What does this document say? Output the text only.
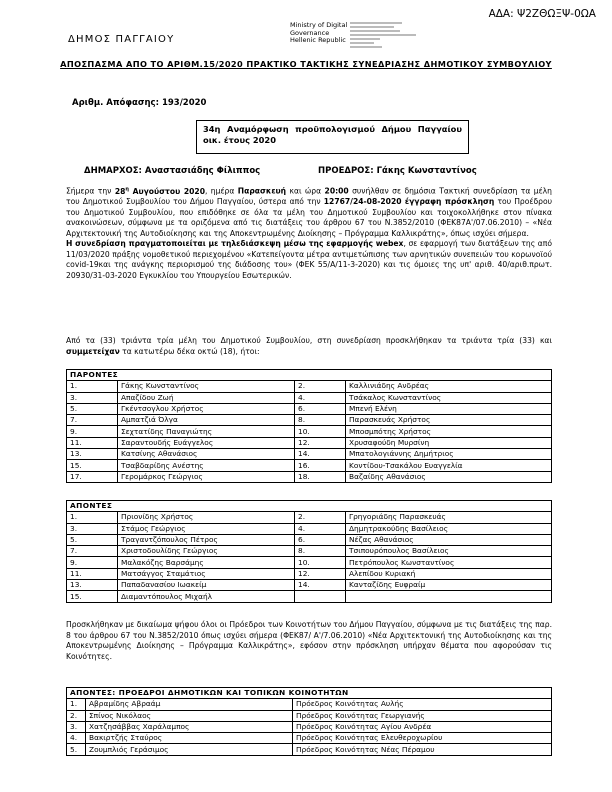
ΑΔΑ: Ψ2ΖΘΩΞΨ-0ΩΑ
ΔΗΜΟΣ ΠΑΓΓΑΙΟΥ
Ministry of Digital
Governance
Hellenic Republic
ΑΠΟΣΠΑΣΜΑ ΑΠΟ ΤΟ ΑΡΙΘΜ.15/2020 ΠΡΑΚΤΙΚΟ ΤΑΚΤΙΚΗΣ ΣΥΝΕΔΡΙΑΣΗΣ ΔΗΜΟΤΙΚΟΥ ΣΥΜΒΟΥΛΙΟΥ
Αριθμ. Απόφασης: 193/2020
34η Αναμόρφωση προϋπολογισμού Δήμου Παγγαίου οικ. έτους 2020
ΔΗΜΑΡΧΟΣ: Αναστασιάδης Φίλιππος	ΠΡΟΕΔΡΟΣ: Γάκης Κωνσταντίνος
Σήμερα την $28^\eta$ Αυγούστου 2020, ημέρα Παρασκευή και ώρα 20:00 συνήλθαν σε δημόσια Τακτική συνεδρίαση τα μέλη του Δημοτικού Συμβουλίου του Δήμου Παγγαίου, ύστερα από την 12767/24-08-2020 έγγραφη πρόσκληση του Προέδρου του Δημοτικού Συμβουλίου, που επιδόθηκε σε όλα τα μέλη του Δημοτικού Συμβουλίου και τοιχοκολλήθηκε στον πίνακα ανακοινώσεων, σύμφωνα με τα οριζόμενα από τις διατάξεις του άρθρου 67 του Ν.3852/2010 (ΦΕΚ87Α'/07.06.2010) – «Νέα Αρχιτεκτονική της Αυτοδιοίκησης και της Αποκεντρωμένης Διοίκησης – Πρόγραμμα Καλλικράτης», όπως ισχύει σήμερα.
Η συνεδρίαση πραγματοποιείται με τηλεδιάσκεψη μέσω της εφαρμογής webex, σε εφαρμογή των διατάξεων της από 11/03/2020 πράξης νομοθετικού περιεχομένου «Κατεπείγοντα μέτρα αντιμετώπισης των αρνητικών συνεπειών του κορωνοϊού covid-19και της ανάγκης περιορισμού της διάδοσης του» (ΦΕΚ 55/Α/11-3-2020) και τις όμοιες της υπ' αριθ. 40/αριθ.πρωτ. 20930/31-03-2020 Εγκυκλίου του Υπουργείου Εσωτερικών.
Από τα (33) τριάντα τρία μέλη του Δημοτικού Συμβουλίου, στη συνεδρίαση προσκλήθηκαν τα τριάντα τρία (33) και συμμετείχαν τα κατωτέρω δέκα οκτώ (18), ήτοι:
ΠΑΡΟΝΤΕΣ			
1.	Γάκης Κωνσταντίνος	2.	Καλλινιάδης Ανδρέας
3.	Απαζίδου Ζωή	4.	Τσάκαλος Κωνσταντίνος
5.	Γκέντσογλου Χρήστος	6.	Μπενή Ελένη
7.	Αμπατζιά Όλγα	8.	Παρασκευάς Χρήστος
9.	Σεχτατίδης Παναγιώτης	10.	Μποσμπότης Χρήστος
11.	Σαραντουδής Ευάγγελος	12.	Χρυσαφούδη Μυρσίνη
13.	Κατσίνης Αθανάσιος	14.	Μπατολογιάννης Δημήτριος
15.	Τσαβδαρίδης Ανέστης	16.	Κοντίδου-Τσακάλου Ευαγγελία
17.	Γερομάρκος Γεώργιος	18.	Βαζαίδης Αθανάσιος
ΑΠΟΝΤΕΣ			
1.	Πριονίδης Χρήστος	2.	Γρηγοριάδης Παρασκευάς
3.	Στάμος Γεώργιος	4.	Δημητρακούδης Βασίλειος
5.	Τραγαντζόπουλος Πέτρος	6.	Νέζας Αθανάσιος
7.	Χριστοδουλίδης Γεώργιος	8.	Τσιπουρόπουλος Βασίλειος
9.	Μαλακόζης Βαρσάμης	10.	Πετρόπουλος Κωνσταντίνος
11.	Ματσάγγος Σταμάτιος	12.	Αλεπίδου Κυριακή
13.	Παπαδανασίου Ιωακείμ	14.	Κανταζίδης Ευφραίμ
15.	Διαμαντόπουλος Μιχαήλ		
Προσκλήθηκαν με δικαίωμα ψήφου όλοι οι Πρόεδροι των Κοινοτήτων του Δήμου Παγγαίου, σύμφωνα με τις διατάξεις της παρ. 8 του άρθρου 67 του Ν.3852/2010 όπως ισχύει σήμερα (ΦΕΚ87/ Α'/7.06.2010) «Νέα Αρχιτεκτονική της Αυτοδιοίκησης και της Αποκεντρωμένης Διοίκησης – Πρόγραμμα Καλλικράτης», εφόσον στην πρόσκληση υπήρχαν θέματα που αφορούσαν τις Κοινότητες.
ΑΠΟΝΤΕΣ: ΠΡΟΕΔΡΟΙ ΔΗΜΟΤΙΚΩΝ ΚΑΙ ΤΟΠΙΚΩΝ ΚΟΙΝΟΤΗΤΩΝ		
1.	Αβραμίδης Αβραάμ	Πρόεδρος Κοινότητας Αυλής
2.	Σπίνος Νικόλαος	Πρόεδρος Κοινότητας Γεωργιανής
3.	Χατζησάββας Χαράλαμπος	Πρόεδρος Κοινότητας Αγίου Ανδρέα
4.	Βακιρτζής Σταύρος	Πρόεδρος Κοινότητας Ελευθεροχωρίου
5.	Ζουμπλιός Γεράσιμος	Πρόεδρος Κοινότητας Νέας Πέραμου
